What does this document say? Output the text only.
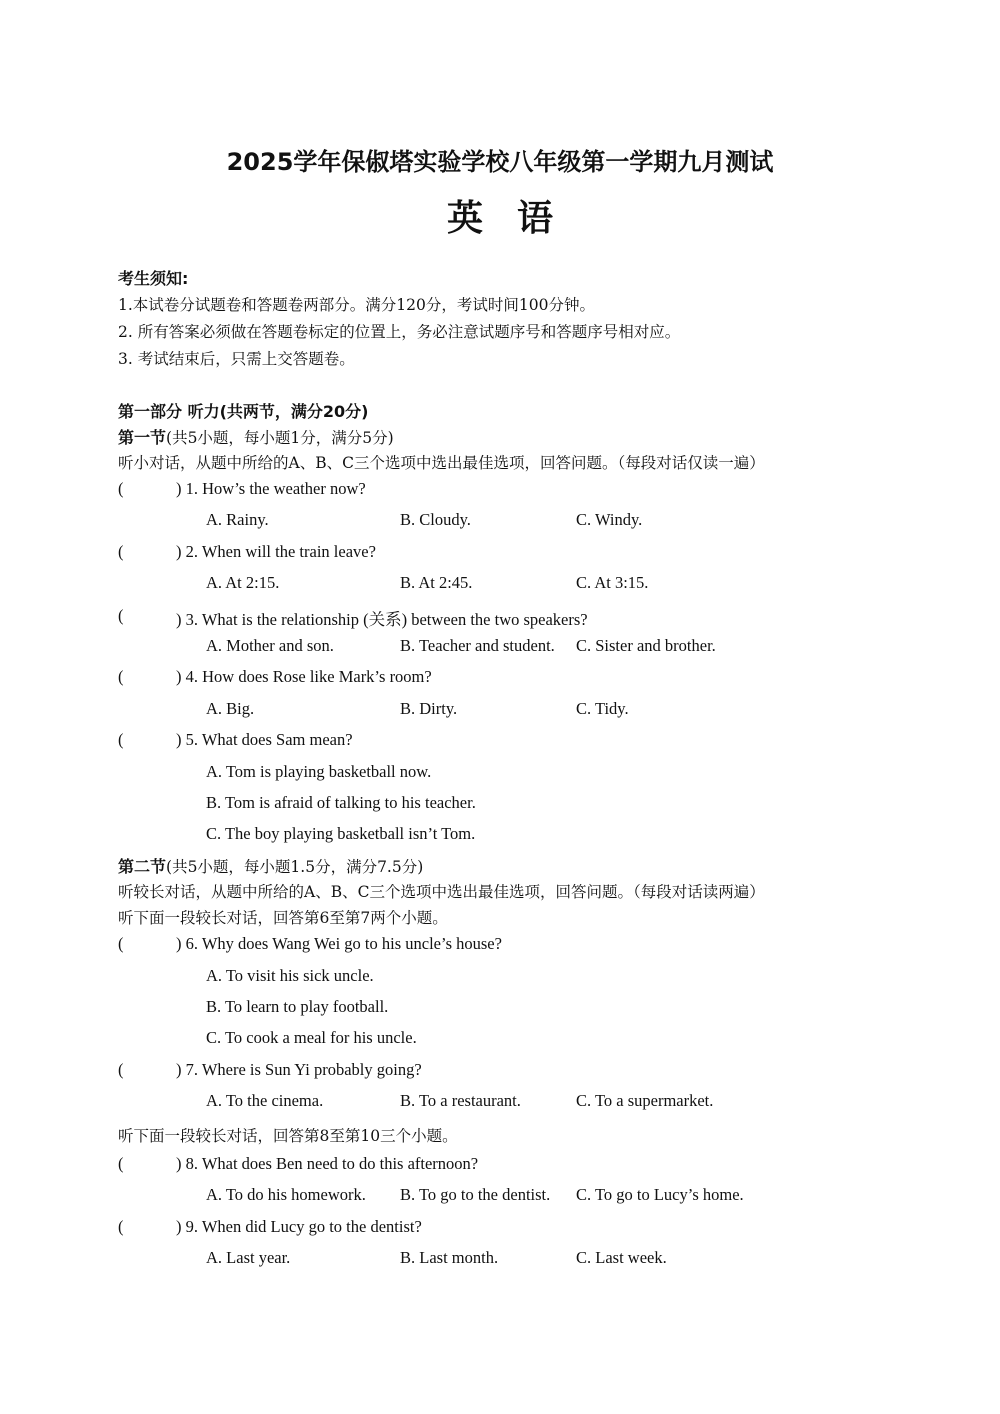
2025学年保俶塔实验学校八年级第一学期九月测试
英语
考生须知:
1.本试卷分试题卷和答题卷两部分。满分120分，考试时间100分钟。
2. 所有答案必须做在答题卷标定的位置上，务必注意试题序号和答题序号相对应。
3. 考试结束后，只需上交答题卷。
第一部分 听力(共两节，满分20分)
第一节(共5小题，每小题1分，满分5分)
听小对话，从题中所给的A、B、C三个选项中选出最佳选项，回答问题。（每段对话仅读一遍）
(	) 1. How’s the weather now?
A. Rainy.	B. Cloudy.	C. Windy.
(	) 2. When will the train leave?
A. At 2:15.	B. At 2:45.	C. At 3:15.
(	) 3. What is the relationship (关系) between the two speakers?
A. Mother and son.	B. Teacher and student. C. Sister and brother.
(	) 4. How does Rose like Mark’s room?
A. Big.	B. Dirty.	C. Tidy.
(	) 5. What does Sam mean?
A. Tom is playing basketball now.
B. Tom is afraid of talking to his teacher.
C. The boy playing basketball isn’t Tom.
第二节(共5小题，每小题1.5分，满分7.5分)
听较长对话，从题中所给的A、B、C三个选项中选出最佳选项，回答问题。（每段对话读两遍）
听下面一段较长对话，回答第6至第7两个小题。
(	) 6. Why does Wang Wei go to his uncle’s house?
A. To visit his sick uncle.
B. To learn to play football.
C. To cook a meal for his uncle.
(	) 7. Where is Sun Yi probably going?
A. To the cinema.	B. To a restaurant.	C. To a supermarket.
听下面一段较长对话，回答第8至第10三个小题。
(	) 8. What does Ben need to do this afternoon?
A. To do his homework. B. To go to the dentist. C. To go to Lucy’s home.
(	) 9. When did Lucy go to the dentist?
A. Last year.	B. Last month.	C. Last week.
